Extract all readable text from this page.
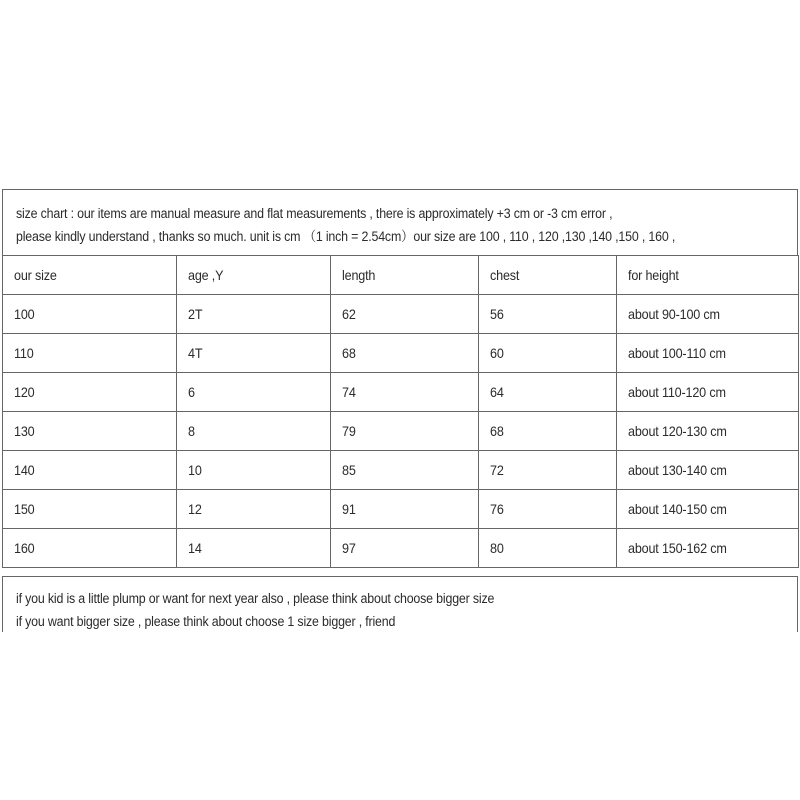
size chart : our items are manual measure and flat measurements , there is approximately +3 cm or -3 cm error ,
please kindly understand , thanks so much. unit is cm （1 inch = 2.54cm）our size are 100 , 110 , 120 ,130 ,140 ,150 , 160 ,
our size	age ,Y	length	chest	for height
100	2T	62	56	about 90-100 cm
110	4T	68	60	about 100-110 cm
120	6	74	64	about 110-120 cm
130	8	79	68	about 120-130 cm
140	10	85	72	about 130-140 cm
150	12	91	76	about 140-150 cm
160	14	97	80	about 150-162 cm
if you kid is a little plump or want for next year also , please think about choose bigger size
if you want bigger size , please think about choose 1 size bigger , friend
